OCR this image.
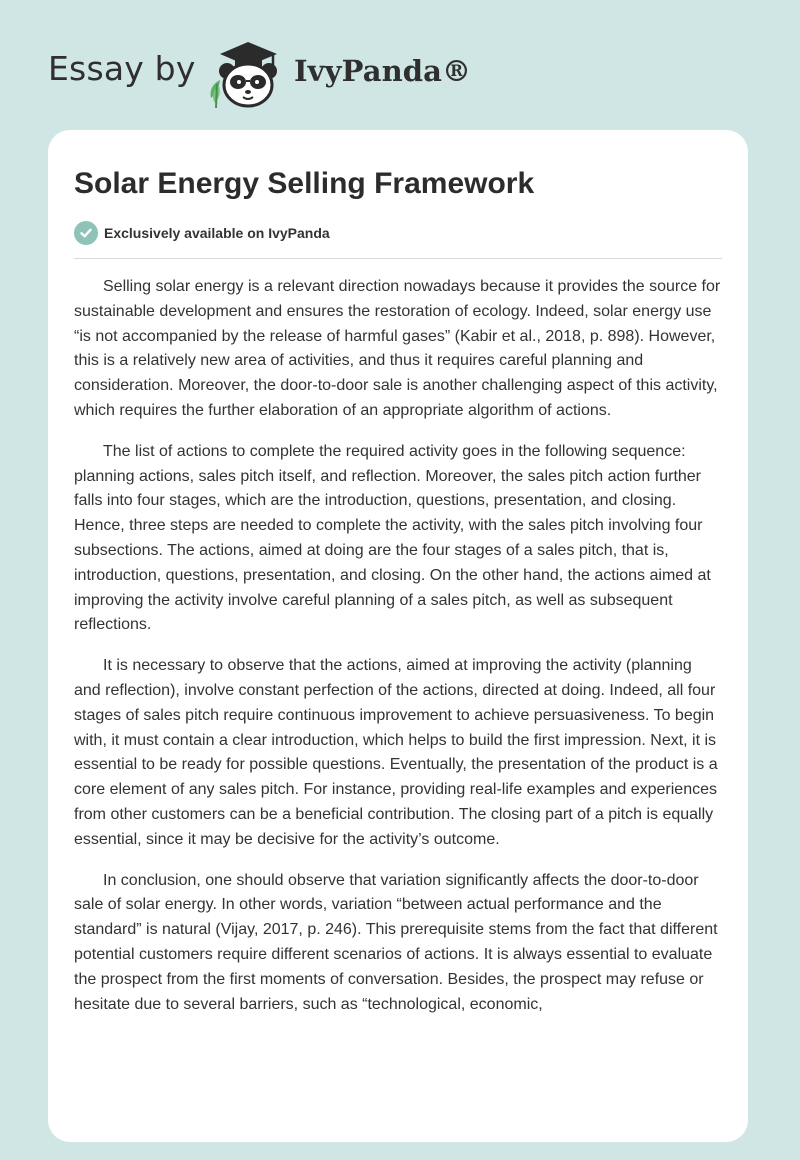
Essay by	IvyPanda®
Solar Energy Selling Framework
Exclusively available on IvyPanda

Selling solar energy is a relevant direction nowadays because it provides the source for sustainable development and ensures the restoration of ecology. Indeed, solar energy use “is not accompanied by the release of harmful gases” (Kabir et al., 2018, p. 898). However, this is a relatively new area of activities, and thus it requires careful planning and consideration. Moreover, the door-to-door sale is another challenging aspect of this activity, which requires the further elaboration of an appropriate algorithm of actions.

The list of actions to complete the required activity goes in the following sequence: planning actions, sales pitch itself, and reflection. Moreover, the sales pitch action further falls into four stages, which are the introduction, questions, presentation, and closing. Hence, three steps are needed to complete the activity, with the sales pitch involving four subsections. The actions, aimed at doing are the four stages of a sales pitch, that is, introduction, questions, presentation, and closing. On the other hand, the actions aimed at improving the activity involve careful planning of a sales pitch, as well as subsequent reflections.

It is necessary to observe that the actions, aimed at improving the activity (planning and reflection), involve constant perfection of the actions, directed at doing. Indeed, all four stages of sales pitch require continuous improvement to achieve persuasiveness. To begin with, it must contain a clear introduction, which helps to build the first impression. Next, it is essential to be ready for possible questions. Eventually, the presentation of the product is a core element of any sales pitch. For instance, providing real-life examples and experiences from other customers can be a beneficial contribution. The closing part of a pitch is equally essential, since it may be decisive for the activity’s outcome.

In conclusion, one should observe that variation significantly affects the door-to-door sale of solar energy. In other words, variation “between actual performance and the standard” is natural (Vijay, 2017, p. 246). This prerequisite stems from the fact that different potential customers require different scenarios of actions. It is always essential to evaluate the prospect from the first moments of conversation. Besides, the prospect may refuse or hesitate due to several barriers, such as “technological, economic,
